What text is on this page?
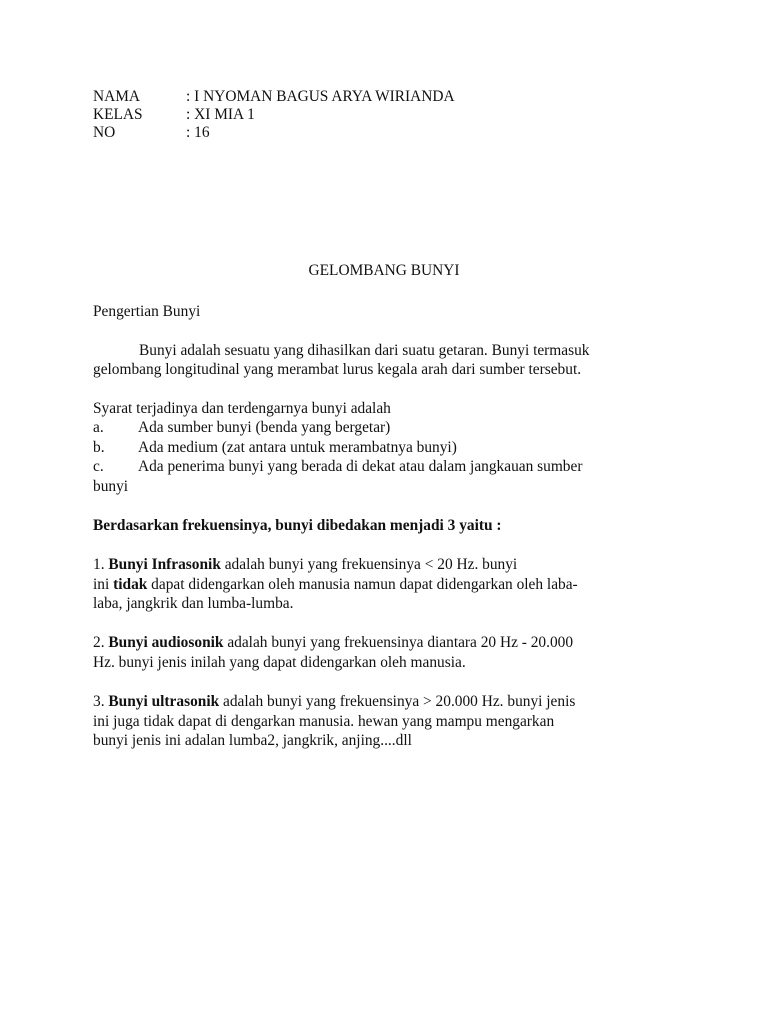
NAMA	: I NYOMAN BAGUS ARYA WIRIANDA
KELAS	: XI MIA 1
NO	: 16
GELOMBANG BUNYI
Pengertian Bunyi
Bunyi adalah sesuatu yang dihasilkan dari suatu getaran. Bunyi termasuk
gelombang longitudinal yang merambat lurus kegala arah dari sumber tersebut.
Syarat terjadinya dan terdengarnya bunyi adalah
a. Ada sumber bunyi (benda yang bergetar)
b. Ada medium (zat antara untuk merambatnya bunyi)
c. Ada penerima bunyi yang berada di dekat atau dalam jangkauan sumber
bunyi
Berdasarkan frekuensinya, bunyi dibedakan menjadi 3 yaitu :
1. Bunyi Infrasonik adalah bunyi yang frekuensinya < 20 Hz. bunyi
ini tidak dapat didengarkan oleh manusia namun dapat didengarkan oleh laba-
laba, jangkrik dan lumba-lumba.
2. Bunyi audiosonik adalah bunyi yang frekuensinya diantara 20 Hz - 20.000
Hz. bunyi jenis inilah yang dapat didengarkan oleh manusia.
3. Bunyi ultrasonik adalah bunyi yang frekuensinya > 20.000 Hz. bunyi jenis
ini juga tidak dapat di dengarkan manusia. hewan yang mampu mengarkan
bunyi jenis ini adalan lumba2, jangkrik, anjing....dll
